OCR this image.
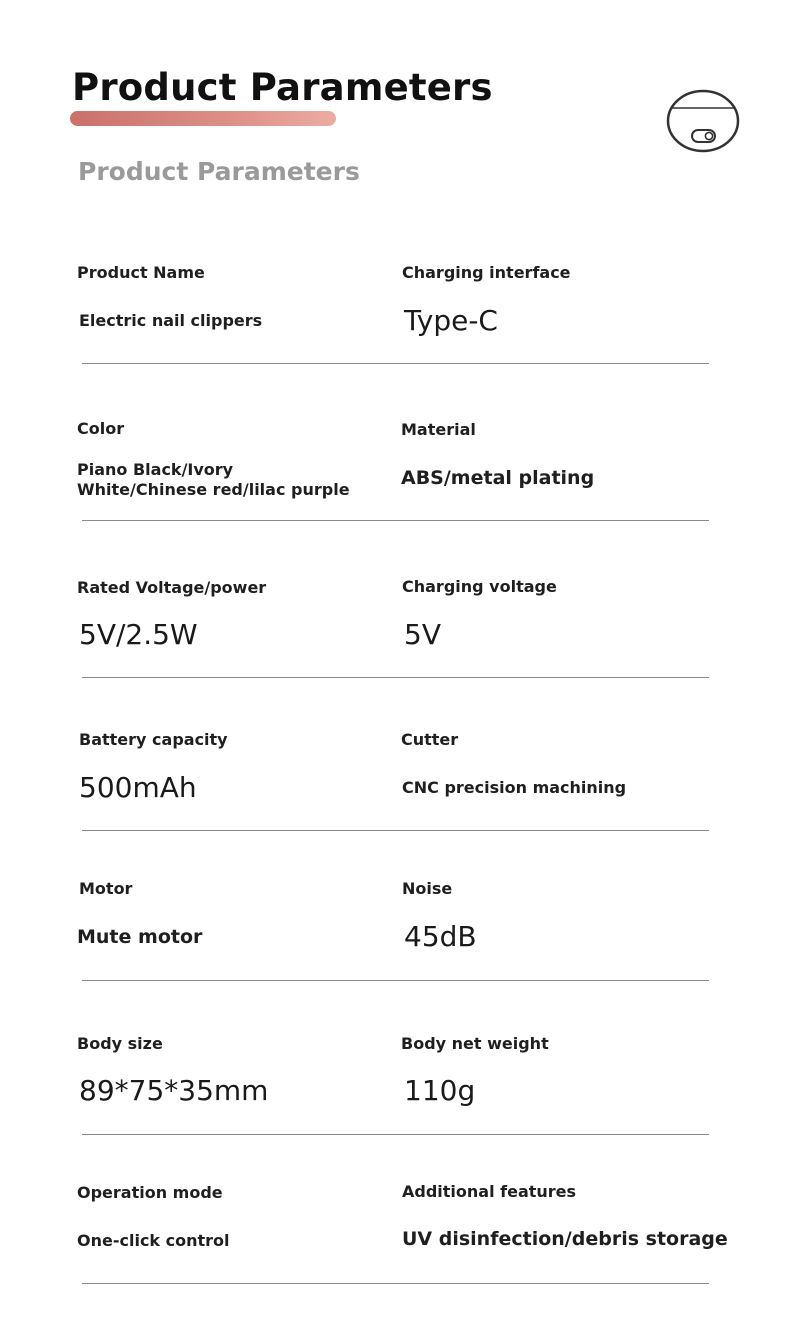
Product Parameters
Product Parameters
Product Name
Electric nail clippers
Charging interface
Type-C
Color
Piano Black/Ivory
White/Chinese red/lilac purple
Material
ABS/metal plating
Rated Voltage/power
5V/2.5W
Charging voltage
5V
Battery capacity
500mAh
Cutter
CNC precision machining
Motor
Mute motor
Noise
45dB
Body size
89*75*35mm
Body net weight
110g
Operation mode
One-click control
Additional features
UV disinfection/debris storage
